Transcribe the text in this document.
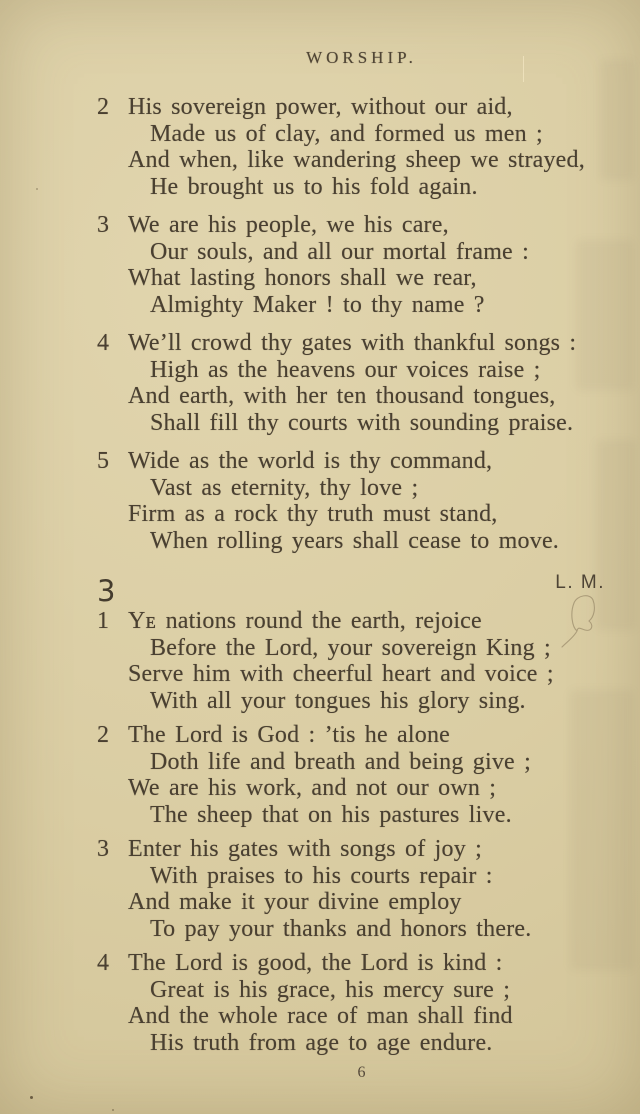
WORSHIP.
2 His sovereign power, without our aid,
Made us of clay, and formed us men ;
And when, like wandering sheep we strayed,
He brought us to his fold again.
3 We are his people, we his care,
Our souls, and all our mortal frame :
What lasting honors shall we rear,
Almighty Maker ! to thy name ?
4 We’ll crowd thy gates with thankful songs :
High as the heavens our voices raise ;
And earth, with her ten thousand tongues,
Shall fill thy courts with sounding praise.
5 Wide as the world is thy command,
Vast as eternity, thy love ;
Firm as a rock thy truth must stand,
When rolling years shall cease to move.
3	L. M.
1 Yᴇ nations round the earth, rejoice
Before the Lord, your sovereign King ;
Serve him with cheerful heart and voice ;
With all your tongues his glory sing.
2 The Lord is God : ’tis he alone
Doth life and breath and being give ;
We are his work, and not our own ;
The sheep that on his pastures live.
3 Enter his gates with songs of joy ;
With praises to his courts repair :
And make it your divine employ
To pay your thanks and honors there.
4 The Lord is good, the Lord is kind :
Great is his grace, his mercy sure ;
And the whole race of man shall find
His truth from age to age endure.
6
